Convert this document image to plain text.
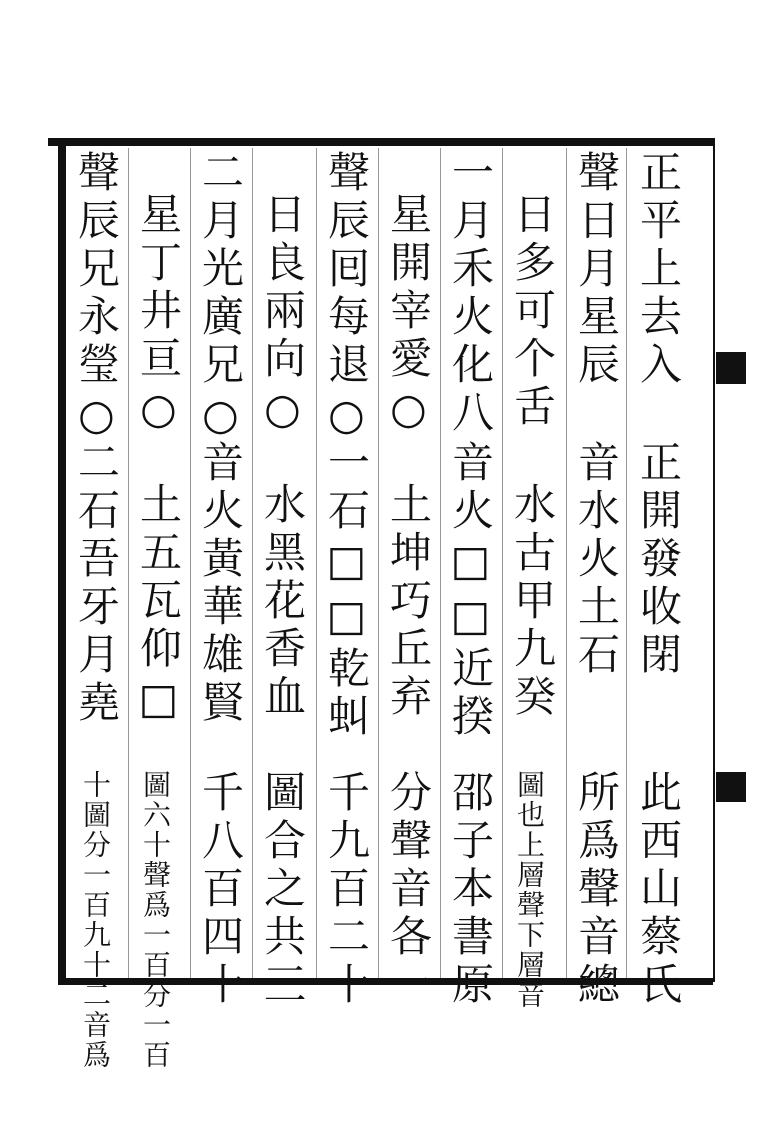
正平上去入
聲日月星辰
日多可个舌
一月禾火化八
星開宰愛○
聲辰囘每退○
日良兩向○
二月光廣兄○
星丁井亘○
聲辰兄永瑩○
正開發收閉
音水火土石
水古甲九癸
音火□□近揆
土坤巧丘弃
一石□□乾虯
水黑花香血
音火黃華雄賢
土五瓦仰□
二石吾牙月堯
此西山蔡氏
所爲聲音總
圖也上層聲下層音
邵子本書原
分聲音各一
千九百二十
圖合之共三
千八百四十
圖六十聲爲一百分一百
十圖分一百九十二音爲
